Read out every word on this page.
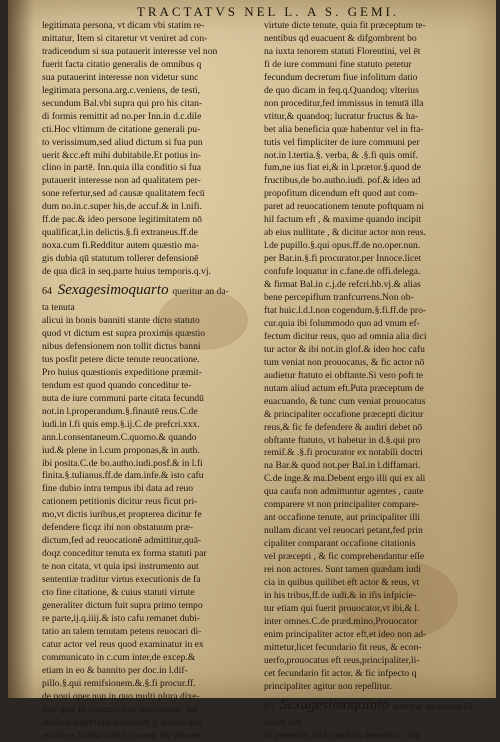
TRACTATVS NEL L. A S. GEMI.
legitimata persona, vt dicam vbi statim re-
mittatur, Item si citaretur vt veniret ad con-
tradicendum si sua putauerit interesse vel non
fuerit facta citatio generalis de omnibus q
sua putauerint interesse non videtur sunc
legitimata persona.arg.c.veniens, de testi,
secundum Bal.vbi supra qui pro his citan-
di formis remittit ad no.per Inn.in d.c.dile
cti.Hoc vltimum de citatione generali pu-
to verissimum,sed aliud dictum si fua pun
uerit &cc.eft mihi dubitabile.Et potius in-
clino in partē. Inn.quia illa conditio si fua
putauerit interesse non ad qualitatem per-
sone refertur,sed ad causæ qualitatem fecū
dum no.in.c.super his,de accuf.& in l.nifi.
ff.de pac.& ideo persone legitimitatem nō
qualificat,l.in delictis.§.fi extraneus.ff.de
noxa.cum fi.Redditur autem quæstio ma-
gis dubia qū statutum tollerer defensionē
de qua dicā in seq.parte huius temporis.q.vj.
64 Sexagesimoquarto queritur an da-
ta tenuta
alicui in bonis banniti stante dicto statuto
quod vt dictum est supra proximis quæstio
nibus defensionem non tollit dictus banni
tus posfit petere dicte tenute reuocatione.
Pro huius quæstionis expeditione præmit-
tendum est quod quando conceditur te-
nuta de iure communi parte citata fecundū
not.in l.properandum.§.finautē reus.C.de
iudi.in l.fi quis emp.§.ij.C.de prefcri.xxx.
ann.l.consentaneum.C.quomo.& quando
iud.& plene in l.cum proponas,& in auth.
ibi posita.C.de bo.autho.iudi.posf.& in l.fi
finita.§.tulianus.ff.de dam.infe.& isto cafu
fine dubio intra tempus ibi data ad reuo
cationem petitionis dicitur reus ficut pri-
mo,vt dictis iuribus,et propterea dicitur fe
defendere ficqz ibi non obstatuum præ-
dictum,fed ad reuocationē admittitur,quā-
doqz conceditur tenuta ex forma statuti par
te non citata, vt quia ipsi instrumento aut
sententiæ traditur virtus executionis de fa
cto fine citatione, & cuius statuti virtute
generaliter dictum fuit supra primo tempo
re parte,ij.q.iiij.& isto cafu remanet dubi-
tatio an talem tenutam petens reuocari di-
catur actor vel reus quod examinatur in ex
communicato in c.cum inter,de excep.&
etiam in eo & bannito per doc.in l.dif-
pillo.§.qui remifsionem.&.§.fi procur.ff.
de noui oper.nun.in quo multi plura dixe-
runt quæ in voluminibus reperiuntur, fed
omissis superfluis sciendum q quandoque
etiam ex forma statuti procedi tur vltenus
virtute dicte tenute, quia fit præceptum te-
nentibus qd euacuent & difgombrent bo
na iuxta tenorem statuti Florentini, vel ēt
fi de iure communi fine statuto petetur
fecundum decretum fiue infolitum datio
de quo dicam in feq.q.Quandoq; vlterius
non proceditur,fed immissus in tenutā illa
vtitur,& quandoq; lucratur fructus & ha-
bet alia beneficia quæ habentur vel in fta-
tutis vel fimpliciter de iure communi per
not.in l.tertia.§. verba, & .§.fi quis omif.
fum,ne ius fiat ei,& in l.prætor.§.quod de
fructibus,de bo.autho.iudi. pof.& ideo ad
propofitum dicendum eft quod aut com-
paret ad reuocationem tenute poftquam ni
hil factum eft , & maxime quando incipit
ab eius nullitate , & dicitur actor non reus.
l.de pupillo.§.qui opus.ff.de no.oper.nun.
per Bar.in.§.fi procurator.per Innoce.licet
confufe loquatur in c.fane.de offi.delega.
& firmat Bal.in c.j.de refcri.hb.vj.& alias
bene percepiflum tranfcurrens.Non ob-
ftat huic.l.d.l.non cogendum.§.fi.ff.de pro-
cur.quia ibi folummodo quo ad vnum ef-
fectum dicitur reus, quo ad omnia alia dici
tur actor & ibi not.in glof.& ideo hoc cafu
tum veniat non prouocatus, & fic actor nō
audietur ftatuto ei obftante.Si vero poft te
nutam aliud actum eft.Puta præceptum de
euacuando, & tunc cum veniat prouocatus
& principaliter occafione præcepti dicitur
reus,& fic fe defendere & audiri debet nō
obftante ftatuto, vt habetur in d.§.qui pro
remif.& .§.fi procurator ex notabili doctri
na Bar.& quod not.per Bal.in l.diffamari.
C.de inge.& ma.Debent ergo illi qui ex ali
qua caufa non admittuntur agentes , caute
comparere vt non principaliter compare-
ant occafione tenute, aut principaliter illi
nullam dicant vel reuocari petant,fed prin
cipaliter comparant occafione citationis
vel præcepti , & fic comprehendantur eſſe
rei non actores. Sunt tamen quædam iudi
cia in quibus quilibet eft actor & reus, vt
in his tribus,ff.de iudi.& in ifis infpicie-
tur etiam qui fuerit prouocator,vt ibi,& l.
inter omnes.C.de præd.mino,Prouocator
enim principaliter actor eft,et ideo non ad-
mittetur,licet fecundario fit reus, & econ-
uerfo,prouocatus eft reus,principaliter,li-
cet fecundario fit actor. & fic infpecto q
principaliter agitur non repellitur.
65 Sexagesimoquinto queritur an contra bā
nitum poſ
fit perueniri ad fecundum decretum ; ifta
